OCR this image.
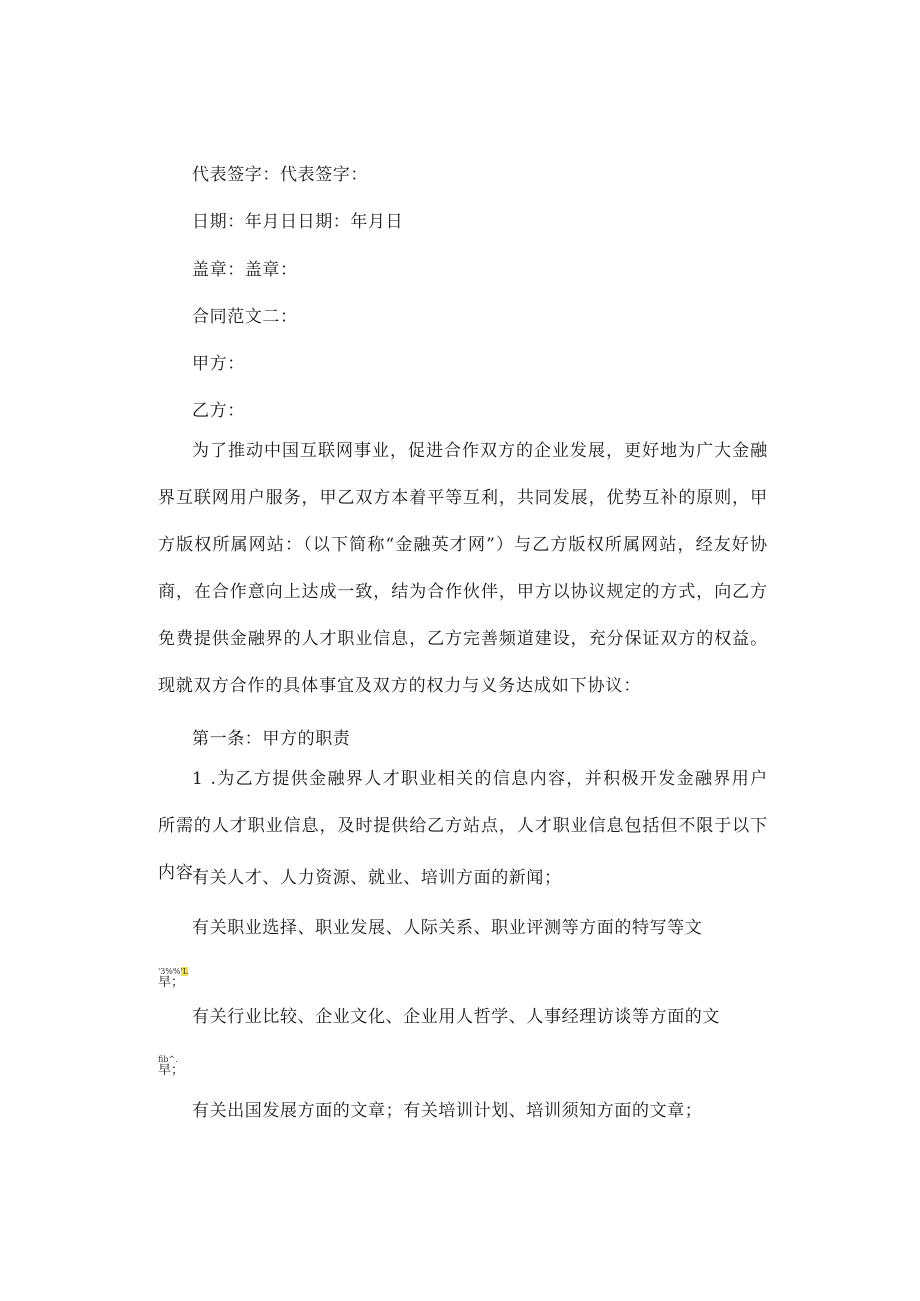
代表签字：代表签字：
日期：年月日日期：年月日
盖章：盖章：
合同范文二：
甲方：
乙方：
为了推动中国互联网事业，促进合作双方的企业发展，更好地为广大金融界互联网用户服务，甲乙双方本着平等互利，共同发展，优势互补的原则，甲方版权所属网站：（以下简称“金融英才网”）与乙方版权所属网站，经友好协商，在合作意向上达成一致，结为合作伙伴，甲方以协议规定的方式，向乙方免费提供金融界的人才职业信息，乙方完善频道建设，充分保证双方的权益。现就双方合作的具体事宜及双方的权力与义务达成如下协议：
第一条：甲方的职责
1 .为乙方提供金融界人才职业相关的信息内容，并积极开发金融界用户所需的人才职业信息，及时提供给乙方站点，人才职业信息包括但不限于以下内容：
有关人才、人力资源、就业、培训方面的新闻；
有关职业选择、职业发展、人际关系、职业评测等方面的特写等文
'3%%'L
早；
有关行业比较、企业文化、企业用人哲学、人事经理访谈等方面的文
fib^.
早；
有关出国发展方面的文章；有关培训计划、培训须知方面的文章；
